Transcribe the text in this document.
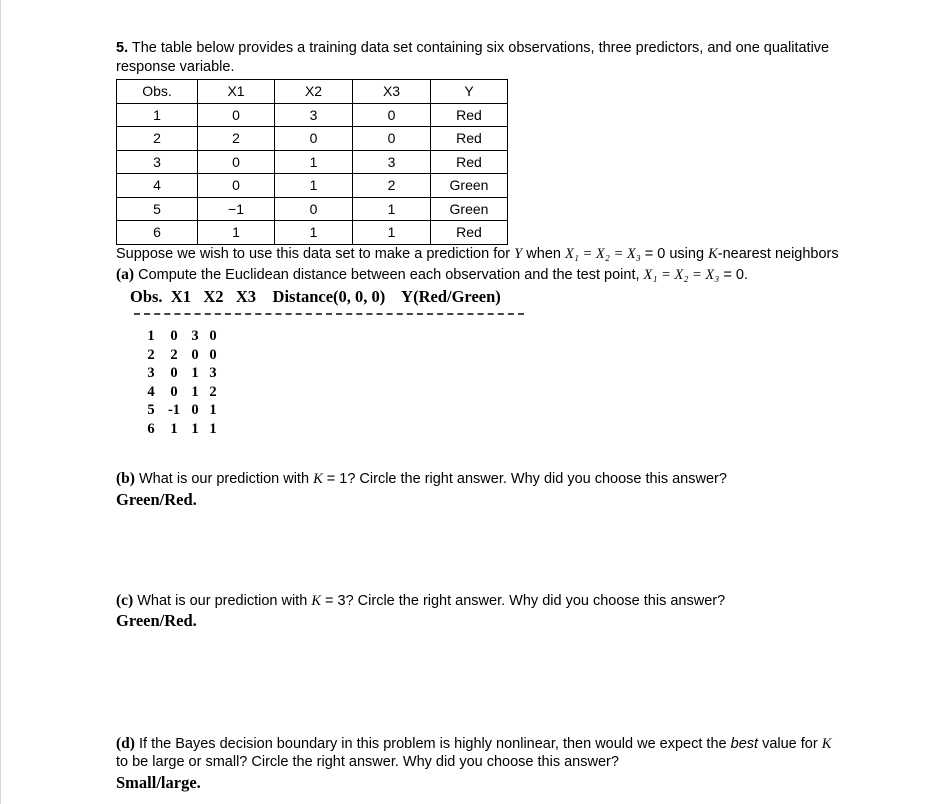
5. The table below provides a training data set containing six observations, three predictors, and one qualitative
response variable.
Obs.	X1	X2	X3	Y
1	0	3	0	Red
2	2	0	0	Red
3	0	1	3	Red
4	0	1	2	Green
5	−1	0	1	Green
6	1	1	1	Red
Suppose we wish to use this data set to make a prediction for Y when X₁ = X₂ = X₃ = 0 using K-nearest neighbors
(a) Compute the Euclidean distance between each observation and the test point, X₁ = X₂ = X₃ = 0.
Obs.  X1   X2   X3    Distance(0, 0, 0)    Y(Red/Green)
1	0	3	0
2	2	0	0
3	0	1	3
4	0	1	2
5	-1	0	1
6	1	1	1
(b) What is our prediction with K = 1? Circle the right answer. Why did you choose this answer?
Green/Red.
(c) What is our prediction with K = 3? Circle the right answer. Why did you choose this answer?
Green/Red.
(d) If the Bayes decision boundary in this problem is highly nonlinear, then would we expect the best value for K
to be large or small? Circle the right answer. Why did you choose this answer?
Small/large.
